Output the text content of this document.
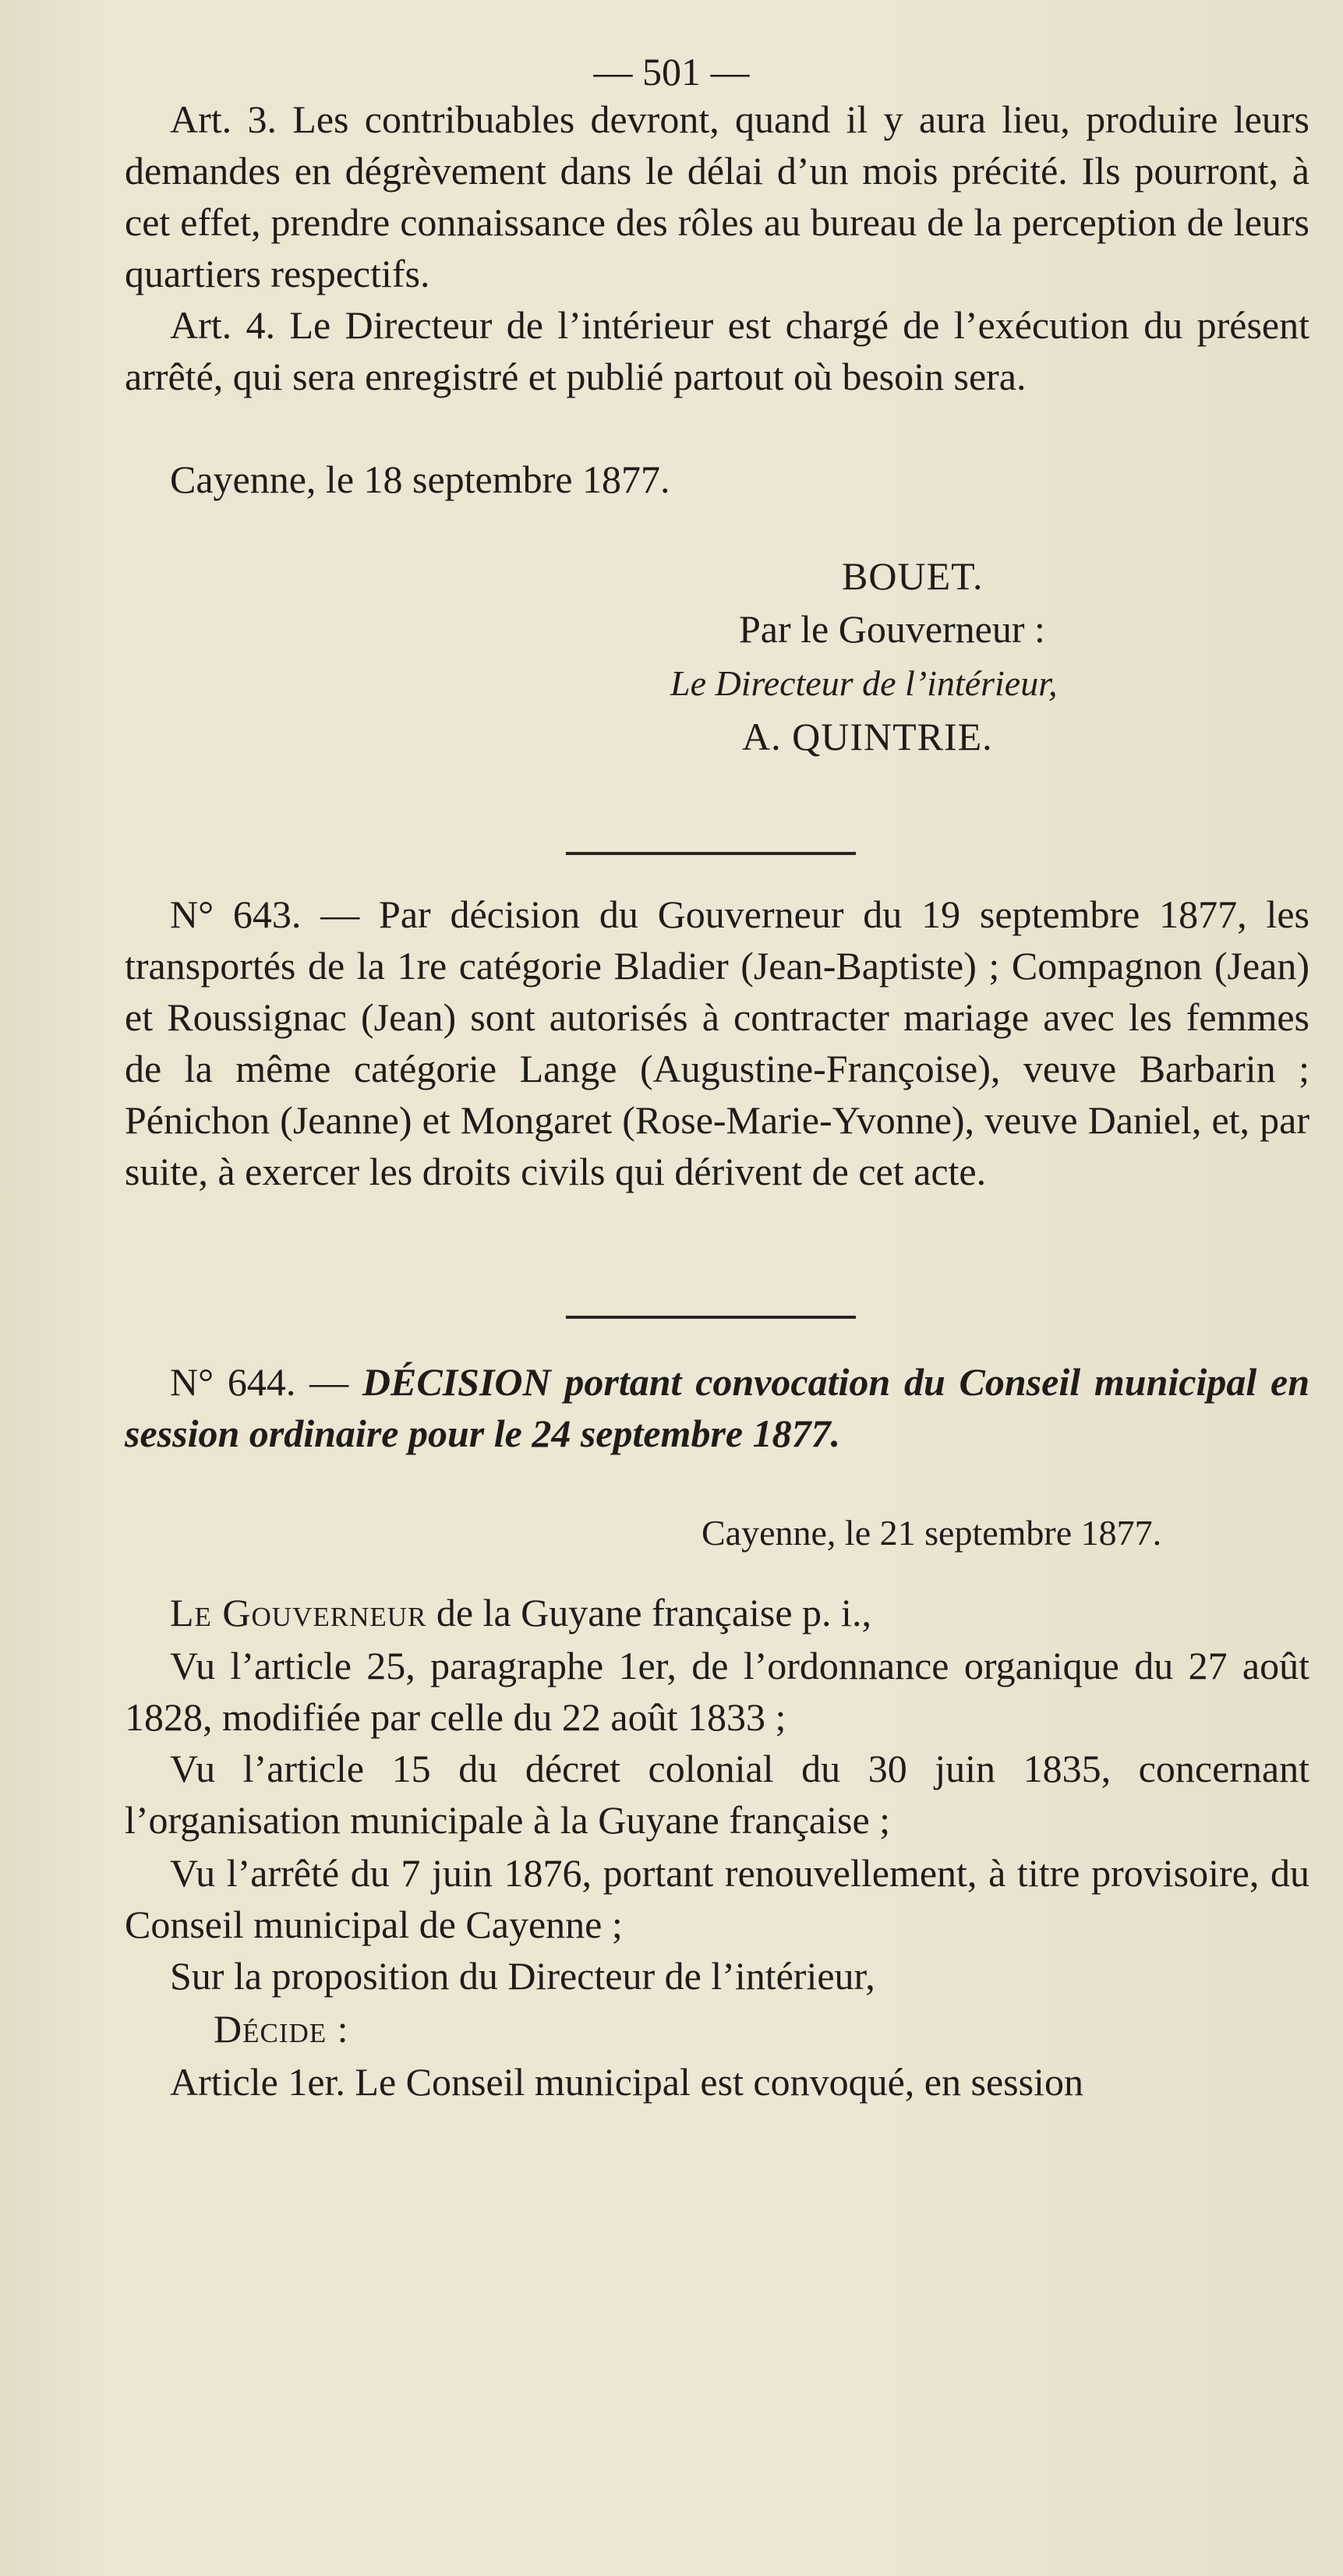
— 501 —

Art. 3. Les contribuables devront, quand il y aura lieu, produire leurs demandes en dégrèvement dans le délai d’un mois précité. Ils pourront, à cet effet, prendre connaissance des rôles au bureau de la perception de leurs quartiers respectifs.

Art. 4. Le Directeur de l’intérieur est chargé de l’exécution du présent arrêté, qui sera enregistré et publié partout où besoin sera.

Cayenne, le 18 septembre 1877.

BOUET.

Par le Gouverneur :

Le Directeur de l’intérieur,

A. QUINTRIE.

N° 643. — Par décision du Gouverneur du 19 septembre 1877, les transportés de la 1re catégorie Bladier (Jean-Baptiste) ; Compagnon (Jean) et Roussignac (Jean) sont autorisés à contracter mariage avec les femmes de la même catégorie Lange (Augustine-Françoise), veuve Barbarin ; Pénichon (Jeanne) et Mongaret (Rose-Marie-Yvonne), veuve Daniel, et, par suite, à exercer les droits civils qui dérivent de cet acte.

N° 644. — DÉCISION portant convocation du Conseil municipal en session ordinaire pour le 24 septembre 1877.

Cayenne, le 21 septembre 1877.

Le Gouverneur de la Guyane française p. i.,

Vu l’article 25, paragraphe 1er, de l’ordonnance organique du 27 août 1828, modifiée par celle du 22 août 1833 ;

Vu l’article 15 du décret colonial du 30 juin 1835, concernant l’organisation municipale à la Guyane française ;

Vu l’arrêté du 7 juin 1876, portant renouvellement, à titre provisoire, du Conseil municipal de Cayenne ;

Sur la proposition du Directeur de l’intérieur,

Décide :

Article 1er. Le Conseil municipal est convoqué, en session
